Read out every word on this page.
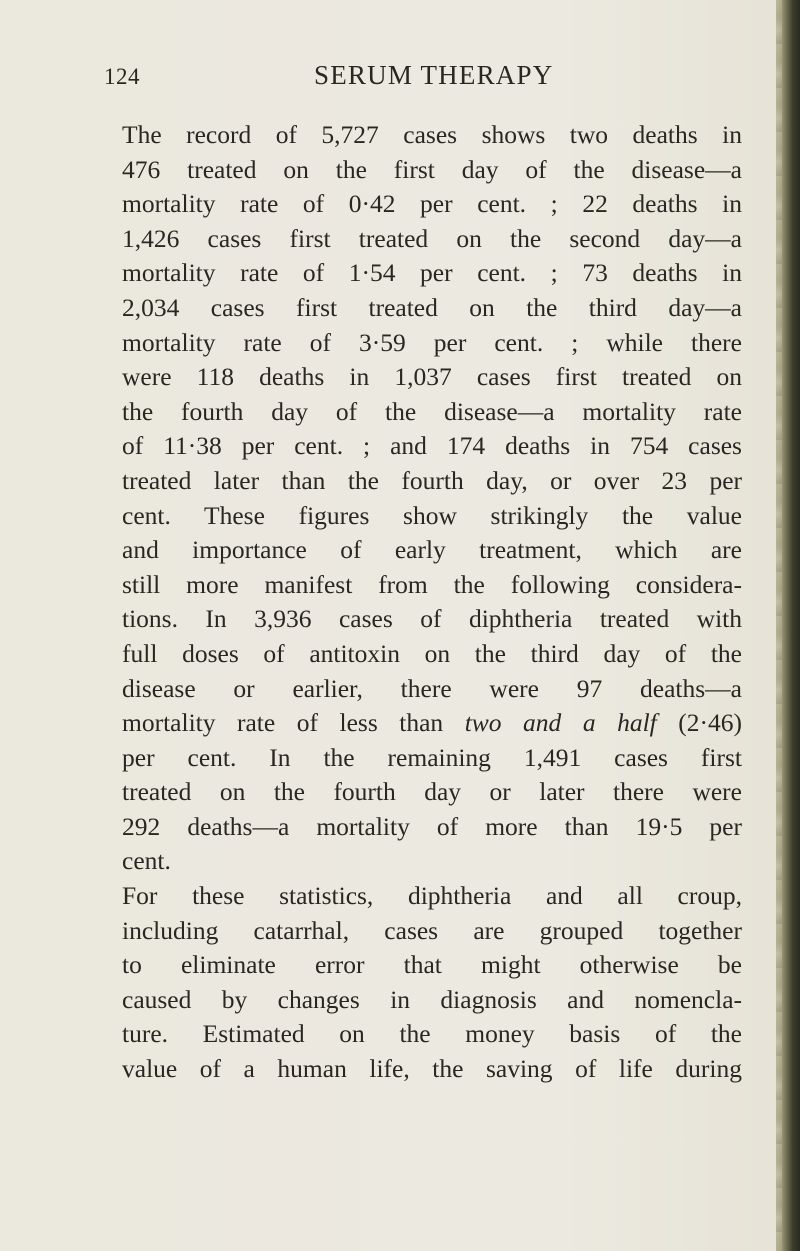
124	SERUM THERAPY
The record of 5,727 cases shows two deaths in
476 treated on the first day of the disease—a
mortality rate of 0·42 per cent. ; 22 deaths in
1,426 cases first treated on the second day—a
mortality rate of 1·54 per cent. ; 73 deaths in
2,034 cases first treated on the third day—a
mortality rate of 3·59 per cent. ; while there
were 118 deaths in 1,037 cases first treated on
the fourth day of the disease—a mortality rate
of 11·38 per cent. ; and 174 deaths in 754 cases
treated later than the fourth day, or over 23 per
cent. These figures show strikingly the value
and importance of early treatment, which are
still more manifest from the following considera-
tions. In 3,936 cases of diphtheria treated with
full doses of antitoxin on the third day of the
disease or earlier, there were 97 deaths—a
mortality rate of less than two and a half (2·46)
per cent. In the remaining 1,491 cases first
treated on the fourth day or later there were
292 deaths—a mortality of more than 19·5 per
cent.
For these statistics, diphtheria and all croup,
including catarrhal, cases are grouped together
to eliminate error that might otherwise be
caused by changes in diagnosis and nomencla-
ture. Estimated on the money basis of the
value of a human life, the saving of life during
